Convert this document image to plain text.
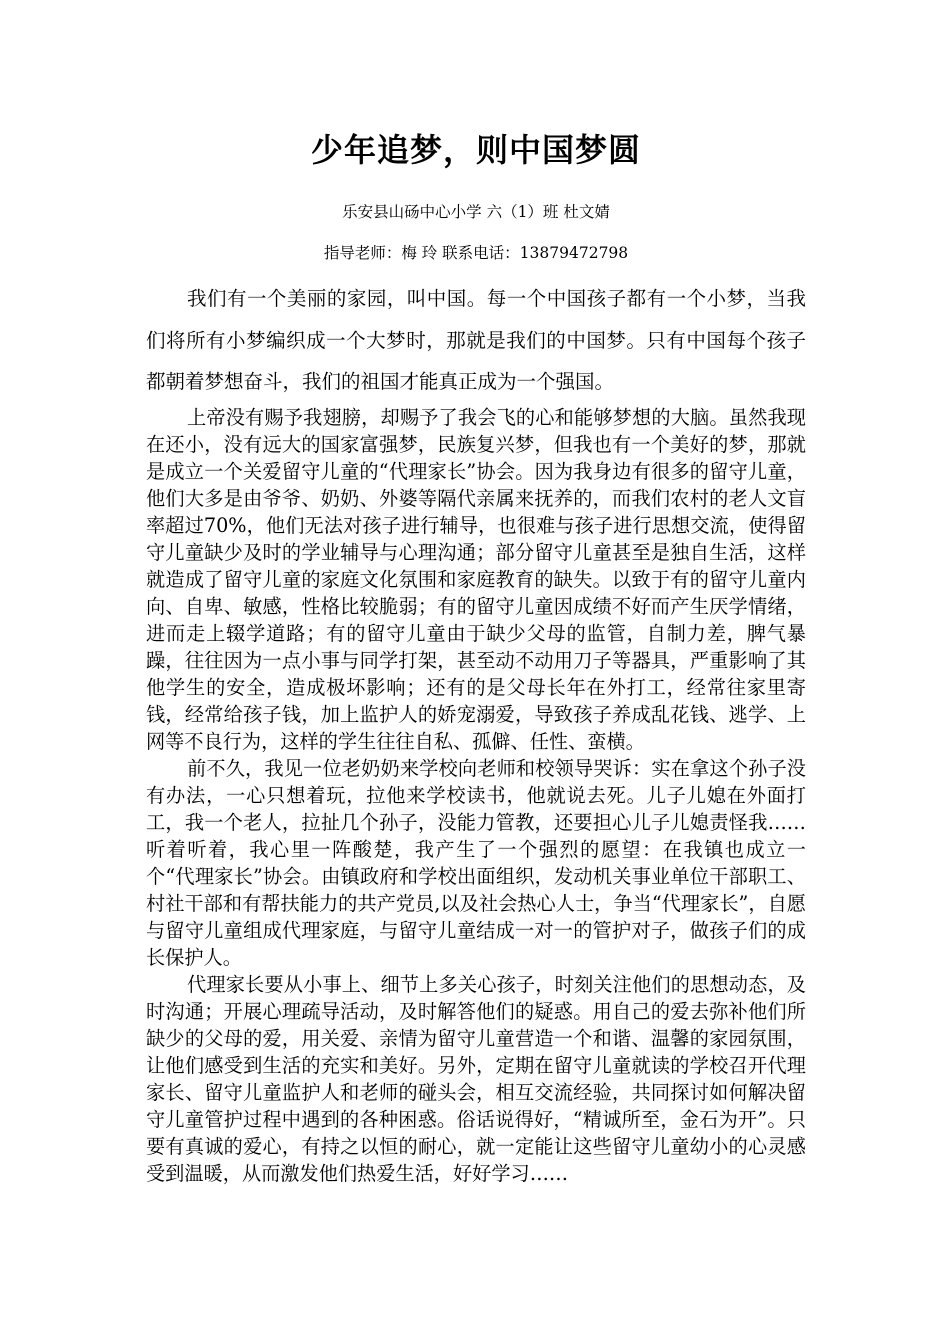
少年追梦，则中国梦圆
乐安县山砀中心小学 六（1）班 杜文婧
指导老师：梅 玲 联系电话：13879472798

我们有一个美丽的家园，叫中国。每一个中国孩子都有一个小梦，当我们将所有小梦编织成一个大梦时，那就是我们的中国梦。只有中国每个孩子都朝着梦想奋斗，我们的祖国才能真正成为一个强国。

上帝没有赐予我翅膀，却赐予了我会飞的心和能够梦想的大脑。虽然我现在还小，没有远大的国家富强梦，民族复兴梦，但我也有一个美好的梦，那就是成立一个关爱留守儿童的“代理家长”协会。因为我身边有很多的留守儿童，他们大多是由爷爷、奶奶、外婆等隔代亲属来抚养的，而我们农村的老人文盲率超过70%，他们无法对孩子进行辅导，也很难与孩子进行思想交流，使得留守儿童缺少及时的学业辅导与心理沟通；部分留守儿童甚至是独自生活，这样就造成了留守儿童的家庭文化氛围和家庭教育的缺失。以致于有的留守儿童内向、自卑、敏感，性格比较脆弱；有的留守儿童因成绩不好而产生厌学情绪，进而走上辍学道路；有的留守儿童由于缺少父母的监管，自制力差，脾气暴躁，往往因为一点小事与同学打架，甚至动不动用刀子等器具，严重影响了其他学生的安全，造成极坏影响；还有的是父母长年在外打工，经常往家里寄钱，经常给孩子钱，加上监护人的娇宠溺爱，导致孩子养成乱花钱、逃学、上网等不良行为，这样的学生往往自私、孤僻、任性、蛮横。

前不久，我见一位老奶奶来学校向老师和校领导哭诉：实在拿这个孙子没有办法，一心只想着玩，拉他来学校读书，他就说去死。儿子儿媳在外面打工，我一个老人，拉扯几个孙子，没能力管教，还要担心儿子儿媳责怪我……听着听着，我心里一阵酸楚，我产生了一个强烈的愿望：在我镇也成立一个“代理家长”协会。由镇政府和学校出面组织，发动机关事业单位干部职工、村社干部和有帮扶能力的共产党员,以及社会热心人士，争当“代理家长”，自愿与留守儿童组成代理家庭，与留守儿童结成一对一的管护对子，做孩子们的成长保护人。

代理家长要从小事上、细节上多关心孩子，时刻关注他们的思想动态，及时沟通；开展心理疏导活动，及时解答他们的疑惑。用自己的爱去弥补他们所缺少的父母的爱，用关爱、亲情为留守儿童营造一个和谐、温馨的家园氛围，让他们感受到生活的充实和美好。另外，定期在留守儿童就读的学校召开代理家长、留守儿童监护人和老师的碰头会，相互交流经验，共同探讨如何解决留守儿童管护过程中遇到的各种困惑。俗话说得好，“精诚所至，金石为开”。只要有真诚的爱心，有持之以恒的耐心，就一定能让这些留守儿童幼小的心灵感受到温暖，从而激发他们热爱生活，好好学习……
